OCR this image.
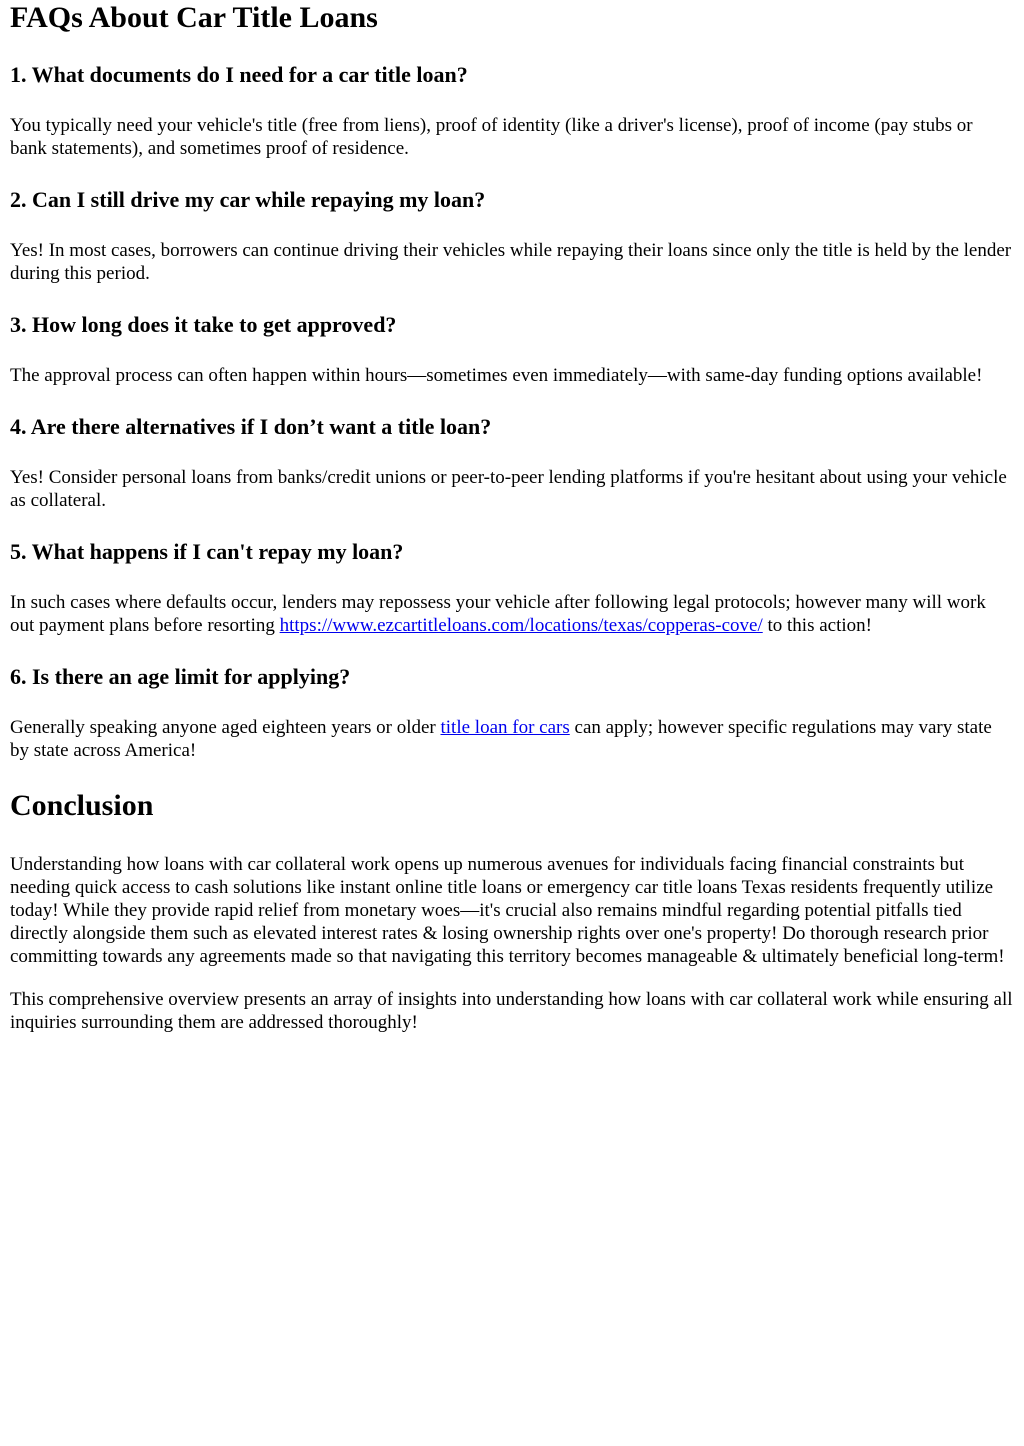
FAQs About Car Title Loans
1. What documents do I need for a car title loan?

You typically need your vehicle's title (free from liens), proof of identity (like a driver's license), proof of income (pay stubs or bank statements), and sometimes proof of residence.

2. Can I still drive my car while repaying my loan?

Yes! In most cases, borrowers can continue driving their vehicles while repaying their loans since only the title is held by the lender during this period.

3. How long does it take to get approved?

The approval process can often happen within hours—sometimes even immediately—with same-day funding options available!

4. Are there alternatives if I don’t want a title loan?

Yes! Consider personal loans from banks/credit unions or peer-to-peer lending platforms if you're hesitant about using your vehicle as collateral.

5. What happens if I can't repay my loan?

In such cases where defaults occur, lenders may repossess your vehicle after following legal protocols; however many will work out payment plans before resorting https://www.ezcartitleloans.com/locations/texas/copperas-cove/ to this action!

6. Is there an age limit for applying?

Generally speaking anyone aged eighteen years or older title loan for cars can apply; however specific regulations may vary state by state across America!

Conclusion

Understanding how loans with car collateral work opens up numerous avenues for individuals facing financial constraints but needing quick access to cash solutions like instant online title loans or emergency car title loans Texas residents frequently utilize today! While they provide rapid relief from monetary woes—it's crucial also remains mindful regarding potential pitfalls tied directly alongside them such as elevated interest rates & losing ownership rights over one's property! Do thorough research prior committing towards any agreements made so that navigating this territory becomes manageable & ultimately beneficial long-term!

This comprehensive overview presents an array of insights into understanding how loans with car collateral work while ensuring all inquiries surrounding them are addressed thoroughly!
